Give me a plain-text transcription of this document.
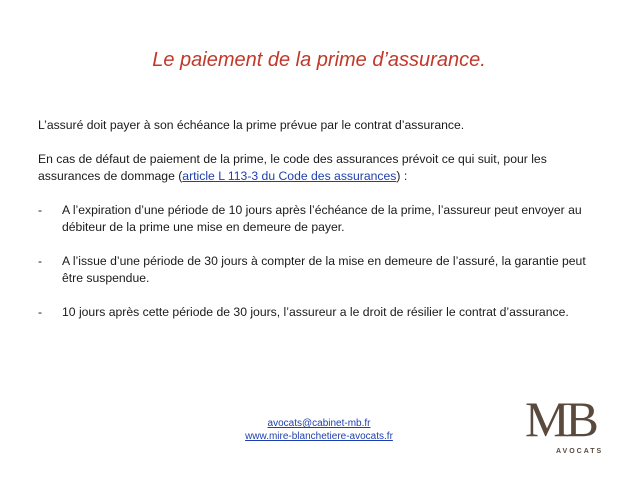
Le paiement de la prime d’assurance.

L’assuré doit payer à son échéance la prime prévue par le contrat d’assurance.

En cas de défaut de paiement de la prime, le code des assurances prévoit ce qui suit, pour les assurances de dommage (article L 113-3 du Code des assurances) :

-	A l’expiration d’une période de 10 jours après l’échéance de la prime, l’assureur peut envoyer au débiteur de la prime une mise en demeure de payer.
-	A l’issue d’une période de 30 jours à compter de la mise en demeure de l’assuré, la garantie peut être suspendue.
-	10 jours après cette période de 30 jours, l’assureur a le droit de résilier le contrat d’assurance.
avocats@cabinet-mb.fr
www.mire-blanchetiere-avocats.fr	MB
AVOCATS
